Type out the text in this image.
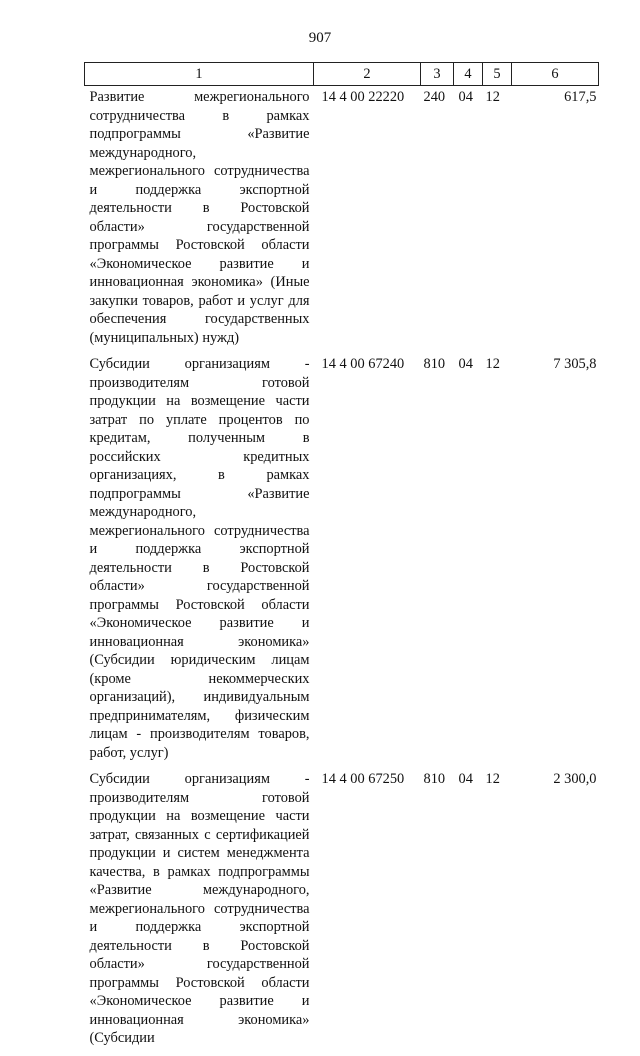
907
1	2	3	4	5	6
Развитие межрегионального сотрудничества в рамках подпрограммы «Развитие международного, межрегионального сотрудничества и поддержка экспортной деятельности в Ростовской области» государственной программы Ростовской области «Экономическое развитие и инновационная экономика» (Иные закупки товаров, работ и услуг для обеспечения государственных (муниципальных) нужд)	14 4 00 22220	240	04	12	617,5
Субсидии организациям - производителям готовой продукции на возмещение части затрат по уплате процентов по кредитам, полученным в российских кредитных организациях, в рамках подпрограммы «Развитие международного, межрегионального сотрудничества и поддержка экспортной деятельности в Ростовской области» государственной программы Ростовской области «Экономическое развитие и инновационная экономика» (Субсидии юридическим лицам (кроме некоммерческих организаций), индивидуальным предпринимателям, физическим лицам - производителям товаров, работ, услуг)	14 4 00 67240	810	04	12	7 305,8
Субсидии организациям - производителям готовой продукции на возмещение части затрат, связанных с сертификацией продукции и систем менеджмента качества, в рамках подпрограммы «Развитие международного, межрегионального сотрудничества и поддержка экспортной деятельности в Ростовской области» государственной программы Ростовской области «Экономическое развитие и инновационная экономика» (Субсидии	14 4 00 67250	810	04	12	2 300,0
